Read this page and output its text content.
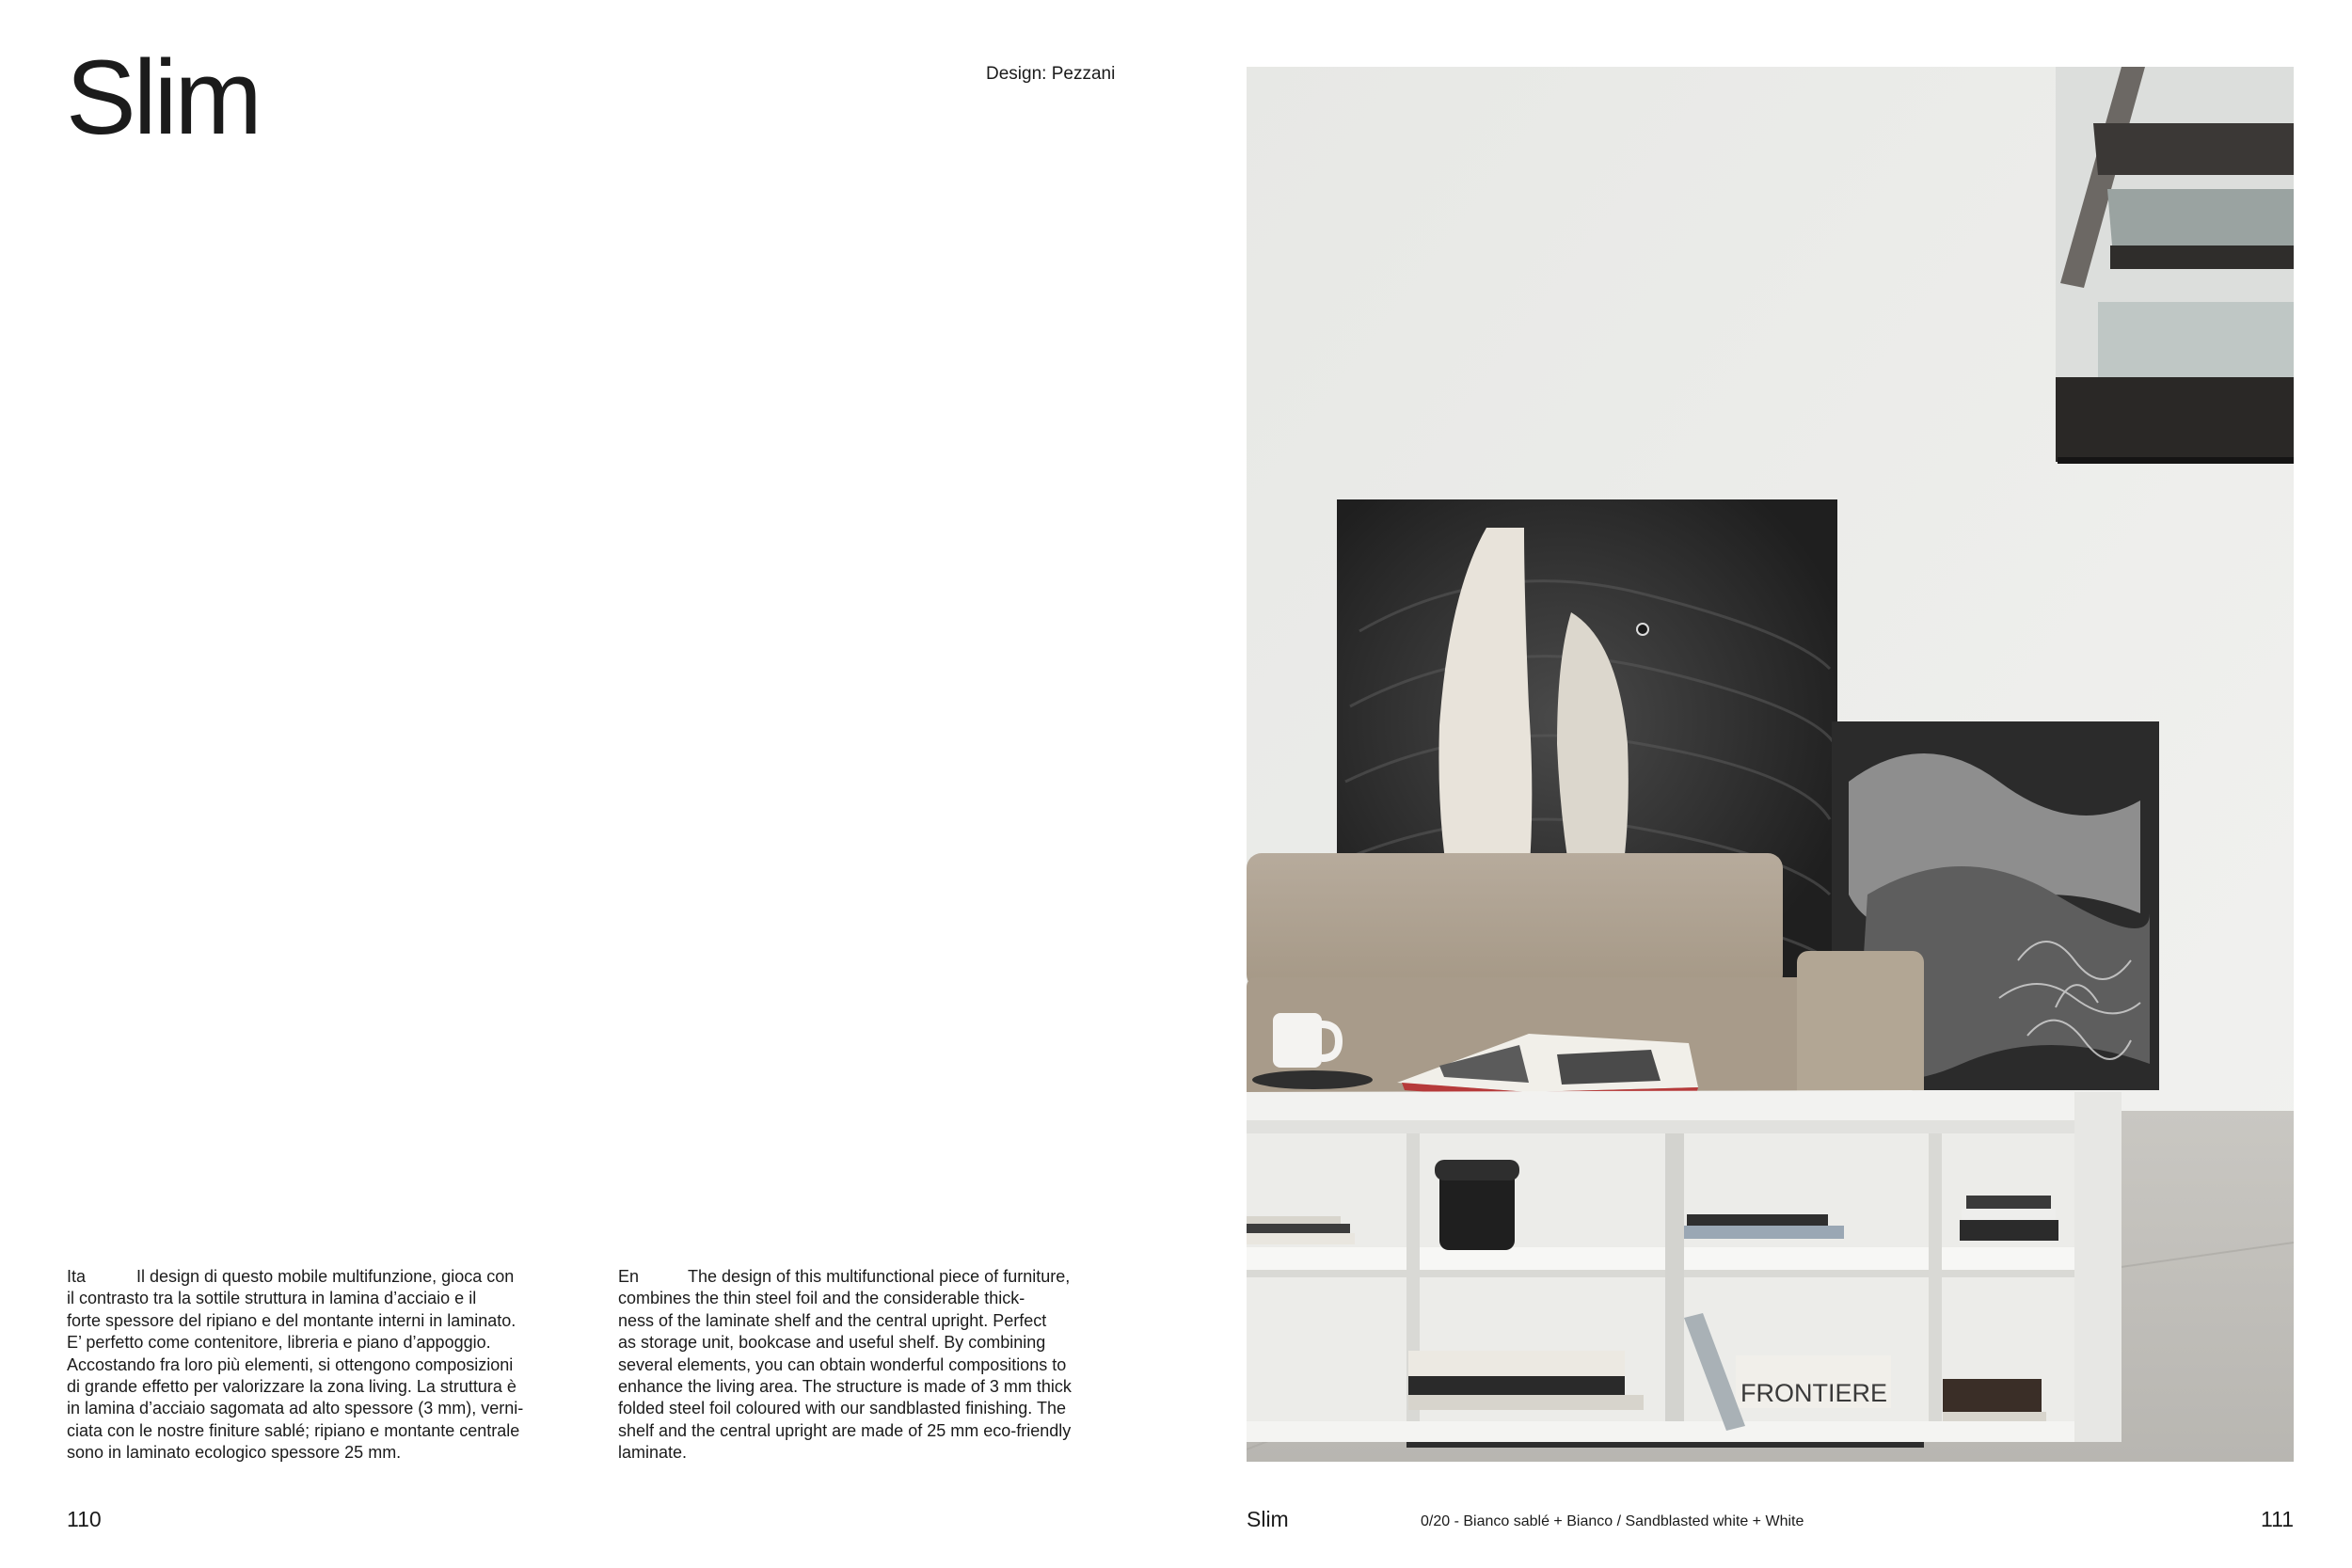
Slim	Design: Pezzani
Ita	Il design di questo mobile multifunzione, gioca con
il contrasto tra la sottile struttura in lamina d’acciaio e il
forte spessore del ripiano e del montante interni in laminato.
E’ perfetto come contenitore, libreria e piano d’appoggio.
Accostando fra loro più elementi, si ottengono composizioni
di grande effetto per valorizzare la zona living. La struttura è
in lamina d’acciaio sagomata ad alto spessore (3 mm), verni-
ciata con le nostre finiture sablé; ripiano e montante centrale
sono in laminato ecologico spessore 25 mm.
En	The design of this multifunctional piece of furniture,
combines the thin steel foil and the considerable thick-
ness of the laminate shelf and the central upright. Perfect
as storage unit, bookcase and useful shelf. By combining
several elements, you can obtain wonderful compositions to
enhance the living area. The structure is made of 3 mm thick
folded steel foil coloured with our sandblasted finishing. The
shelf and the central upright are made of 25 mm eco-friendly
laminate.
110
FRONTIERE
Slim	0/20 - Bianco sablé + Bianco / Sandblasted white + White	111
